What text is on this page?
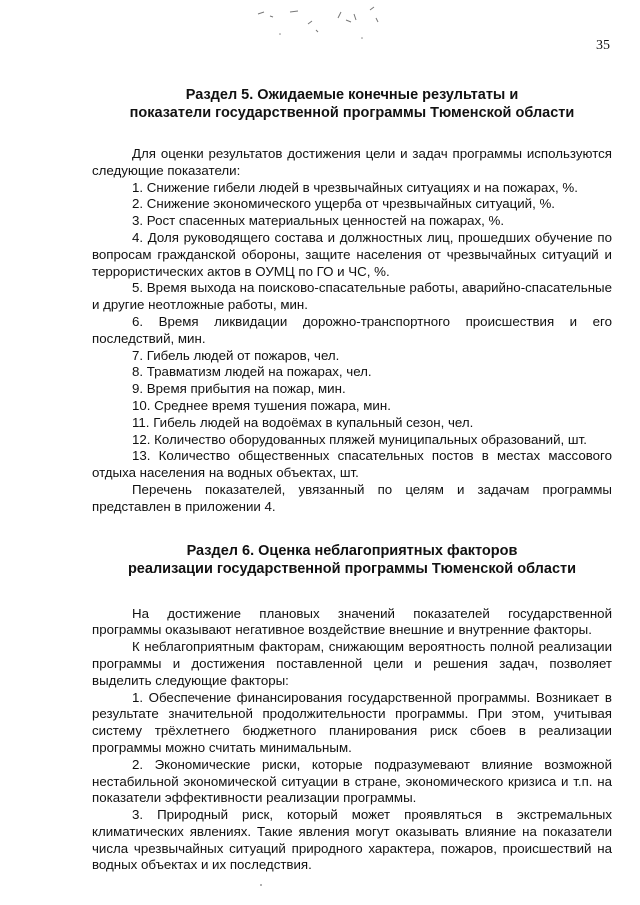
35
Раздел 5. Ожидаемые конечные результаты и
показатели государственной программы Тюменской области

Для оценки результатов достижения цели и задач программы используются следующие показатели:

1. Снижение гибели людей в чрезвычайных ситуациях и на пожарах, %.

2. Снижение экономического ущерба от чрезвычайных ситуаций, %.

3. Рост спасенных материальных ценностей на пожарах, %.

4. Доля руководящего состава и должностных лиц, прошедших обучение по вопросам гражданской обороны, защите населения от чрезвычайных ситуаций и террористических актов в ОУМЦ по ГО и ЧС, %.

5. Время выхода на поисково-спасательные работы, аварийно-спасательные и другие неотложные работы, мин.

6. Время ликвидации дорожно-транспортного происшествия и его последствий, мин.

7. Гибель людей от пожаров, чел.

8. Травматизм людей на пожарах, чел.

9. Время прибытия на пожар, мин.

10. Среднее время тушения пожара, мин.

11. Гибель людей на водоёмах в купальный сезон, чел.

12. Количество оборудованных пляжей муниципальных образований, шт.

13. Количество общественных спасательных постов в местах массового отдыха населения на водных объектах, шт.

Перечень показателей, увязанный по целям и задачам программы представлен в приложении 4.

Раздел 6. Оценка неблагоприятных факторов
реализации государственной программы Тюменской области

На достижение плановых значений показателей государственной программы оказывают негативное воздействие внешние и внутренние факторы.

К неблагоприятным факторам, снижающим вероятность полной реализации программы и достижения поставленной цели и решения задач, позволяет выделить следующие факторы:

1. Обеспечение финансирования государственной программы. Возникает в результате значительной продолжительности программы. При этом, учитывая систему трёхлетнего бюджетного планирования риск сбоев в реализации программы можно считать минимальным.

2. Экономические риски, которые подразумевают влияние возможной нестабильной экономической ситуации в стране, экономического кризиса и т.п. на показатели эффективности реализации программы.

3. Природный риск, который может проявляться в экстремальных климатических явлениях. Такие явления могут оказывать влияние на показатели числа чрезвычайных ситуаций природного характера, пожаров, происшествий на водных объектах и их последствия.
